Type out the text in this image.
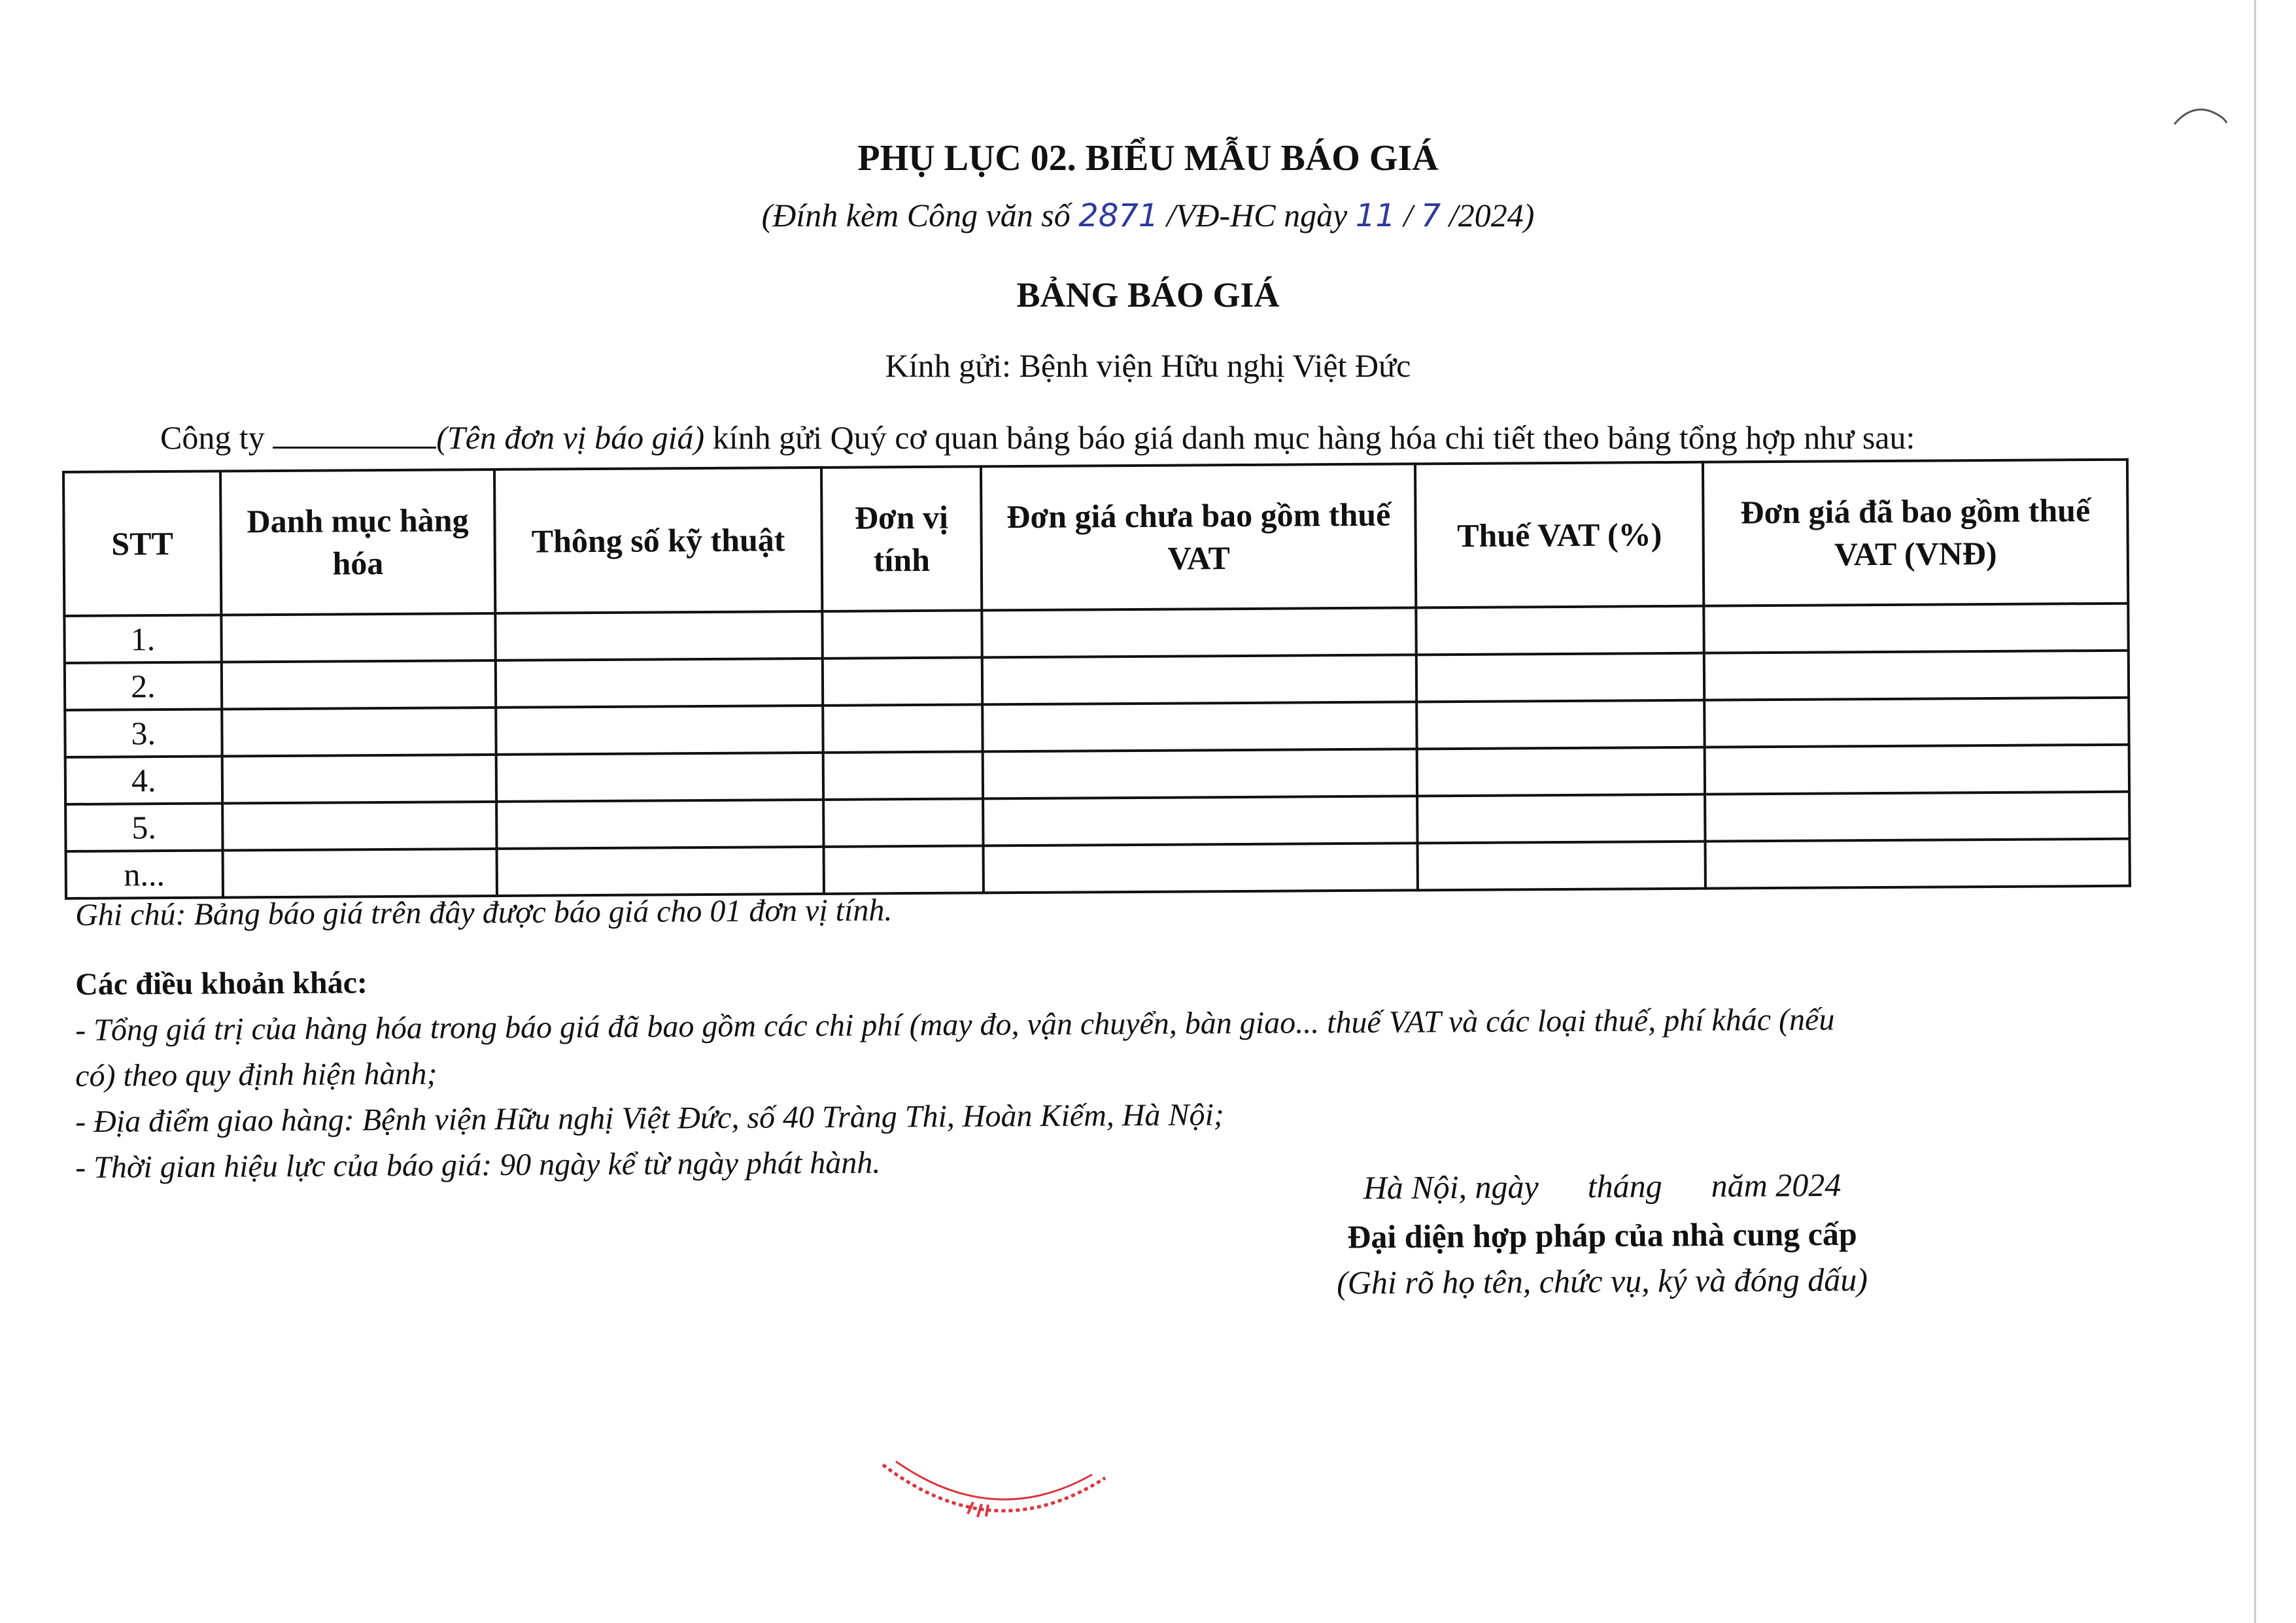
PHỤ LỤC 02. BIỂU MẪU BÁO GIÁ
(Đính kèm Công văn số 2871 /VĐ-HC ngày 11 / 7 /2024)
BẢNG BÁO GIÁ
Kính gửi: Bệnh viện Hữu nghị Việt Đức
Công ty	(Tên đơn vị báo giá) kính gửi Quý cơ quan bảng báo giá danh mục hàng hóa chi tiết theo bảng tổng hợp như sau:
STT	Danh mục hàng hóa	Thông số kỹ thuật	Đơn vị tính	Đơn giá chưa bao gồm thuế VAT	Thuế VAT (%)	Đơn giá đã bao gồm thuế VAT (VNĐ)
1.						
2.						
3.						
4.						
5.						
n...						
Ghi chú: Bảng báo giá trên đây được báo giá cho 01 đơn vị tính.
Các điều khoản khác:
- Tổng giá trị của hàng hóa trong báo giá đã bao gồm các chi phí (may đo, vận chuyển, bàn giao... thuế VAT và các loại thuế, phí khác (nếu
có) theo quy định hiện hành;
- Địa điểm giao hàng: Bệnh viện Hữu nghị Việt Đức, số 40 Tràng Thi, Hoàn Kiếm, Hà Nội;
- Thời gian hiệu lực của báo giá: 90 ngày kể từ ngày phát hành.
Hà Nội, ngày      tháng      năm 2024
Đại diện hợp pháp của nhà cung cấp
(Ghi rõ họ tên, chức vụ, ký và đóng dấu)
